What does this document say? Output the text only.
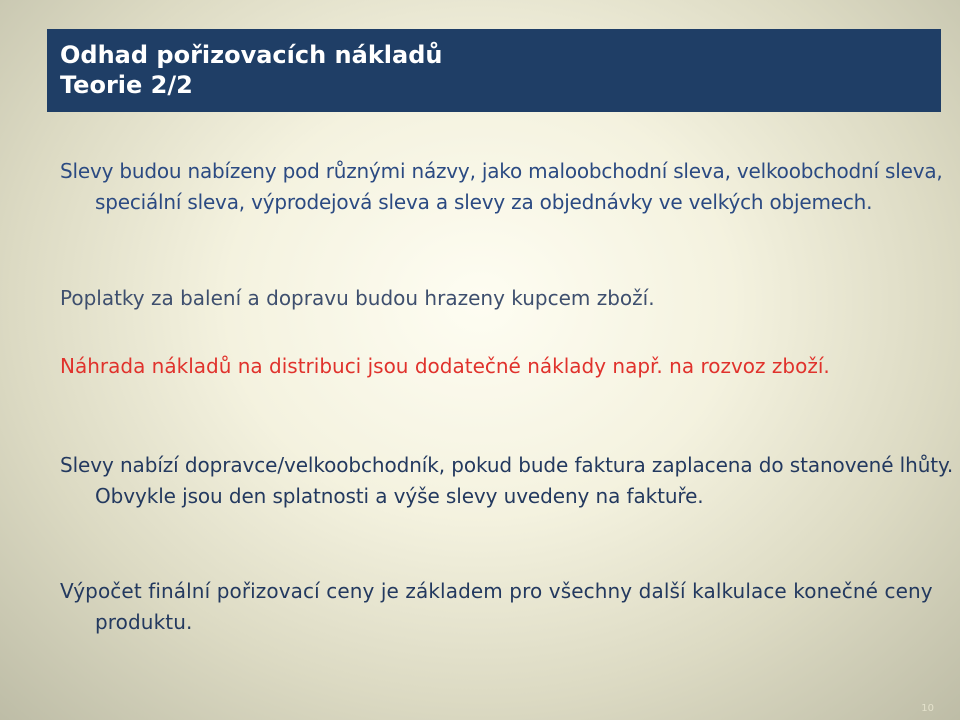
Odhad pořizovacích nákladů
Teorie 2/2

Slevy budou nabízeny pod různými názvy, jako maloobchodní sleva, velkoobchodní sleva, speciální sleva, výprodejová sleva a slevy za objednávky ve velkých objemech.

Poplatky za balení a dopravu budou hrazeny kupcem zboží.

Náhrada nákladů na distribuci jsou dodatečné náklady např. na rozvoz zboží.

Slevy nabízí dopravce/velkoobchodník, pokud bude faktura zaplacena do stanovené lhůty. Obvykle jsou den splatnosti a výše slevy uvedeny na faktuře.

Výpočet finální pořizovací ceny je základem pro všechny další kalkulace konečné ceny produktu.

10
